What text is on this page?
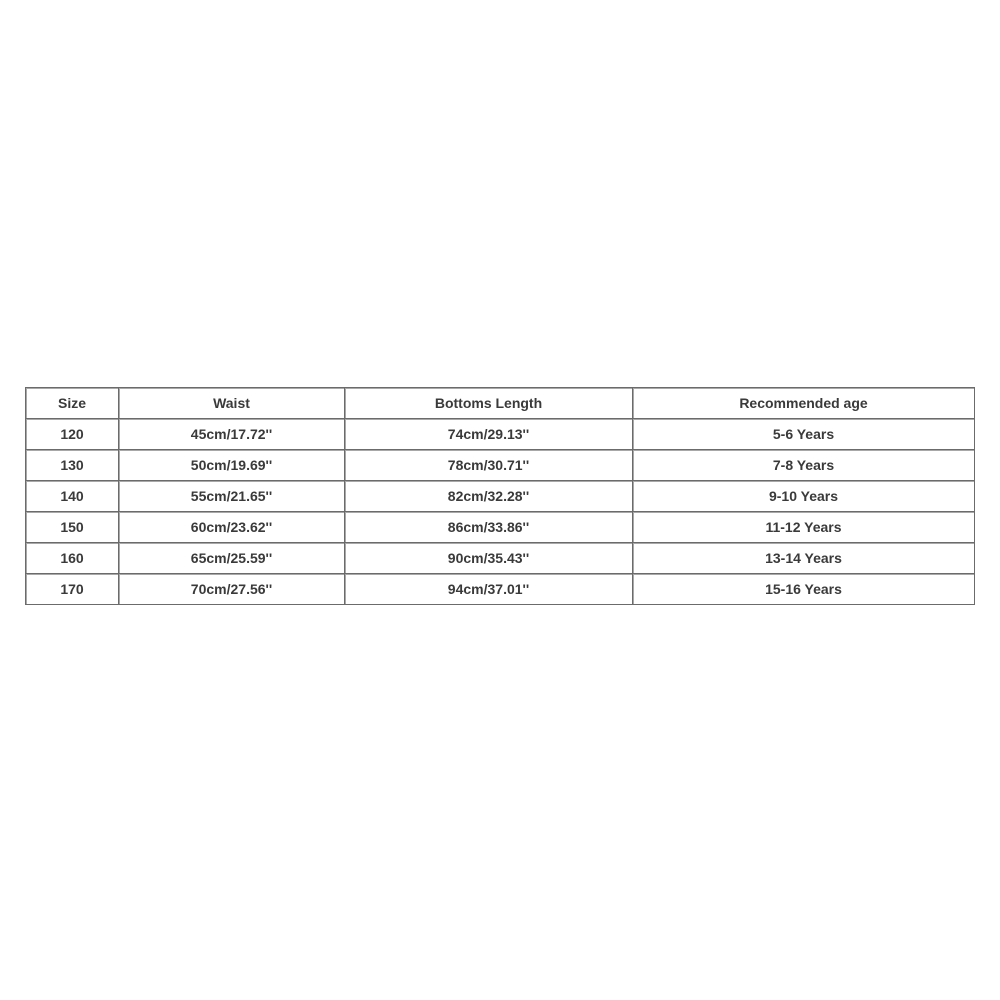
Size	Waist	Bottoms Length	Recommended age
120	45cm/17.72''	74cm/29.13''	5-6 Years
130	50cm/19.69''	78cm/30.71''	7-8 Years
140	55cm/21.65''	82cm/32.28''	9-10 Years
150	60cm/23.62''	86cm/33.86''	11-12 Years
160	65cm/25.59''	90cm/35.43''	13-14 Years
170	70cm/27.56''	94cm/37.01''	15-16 Years
